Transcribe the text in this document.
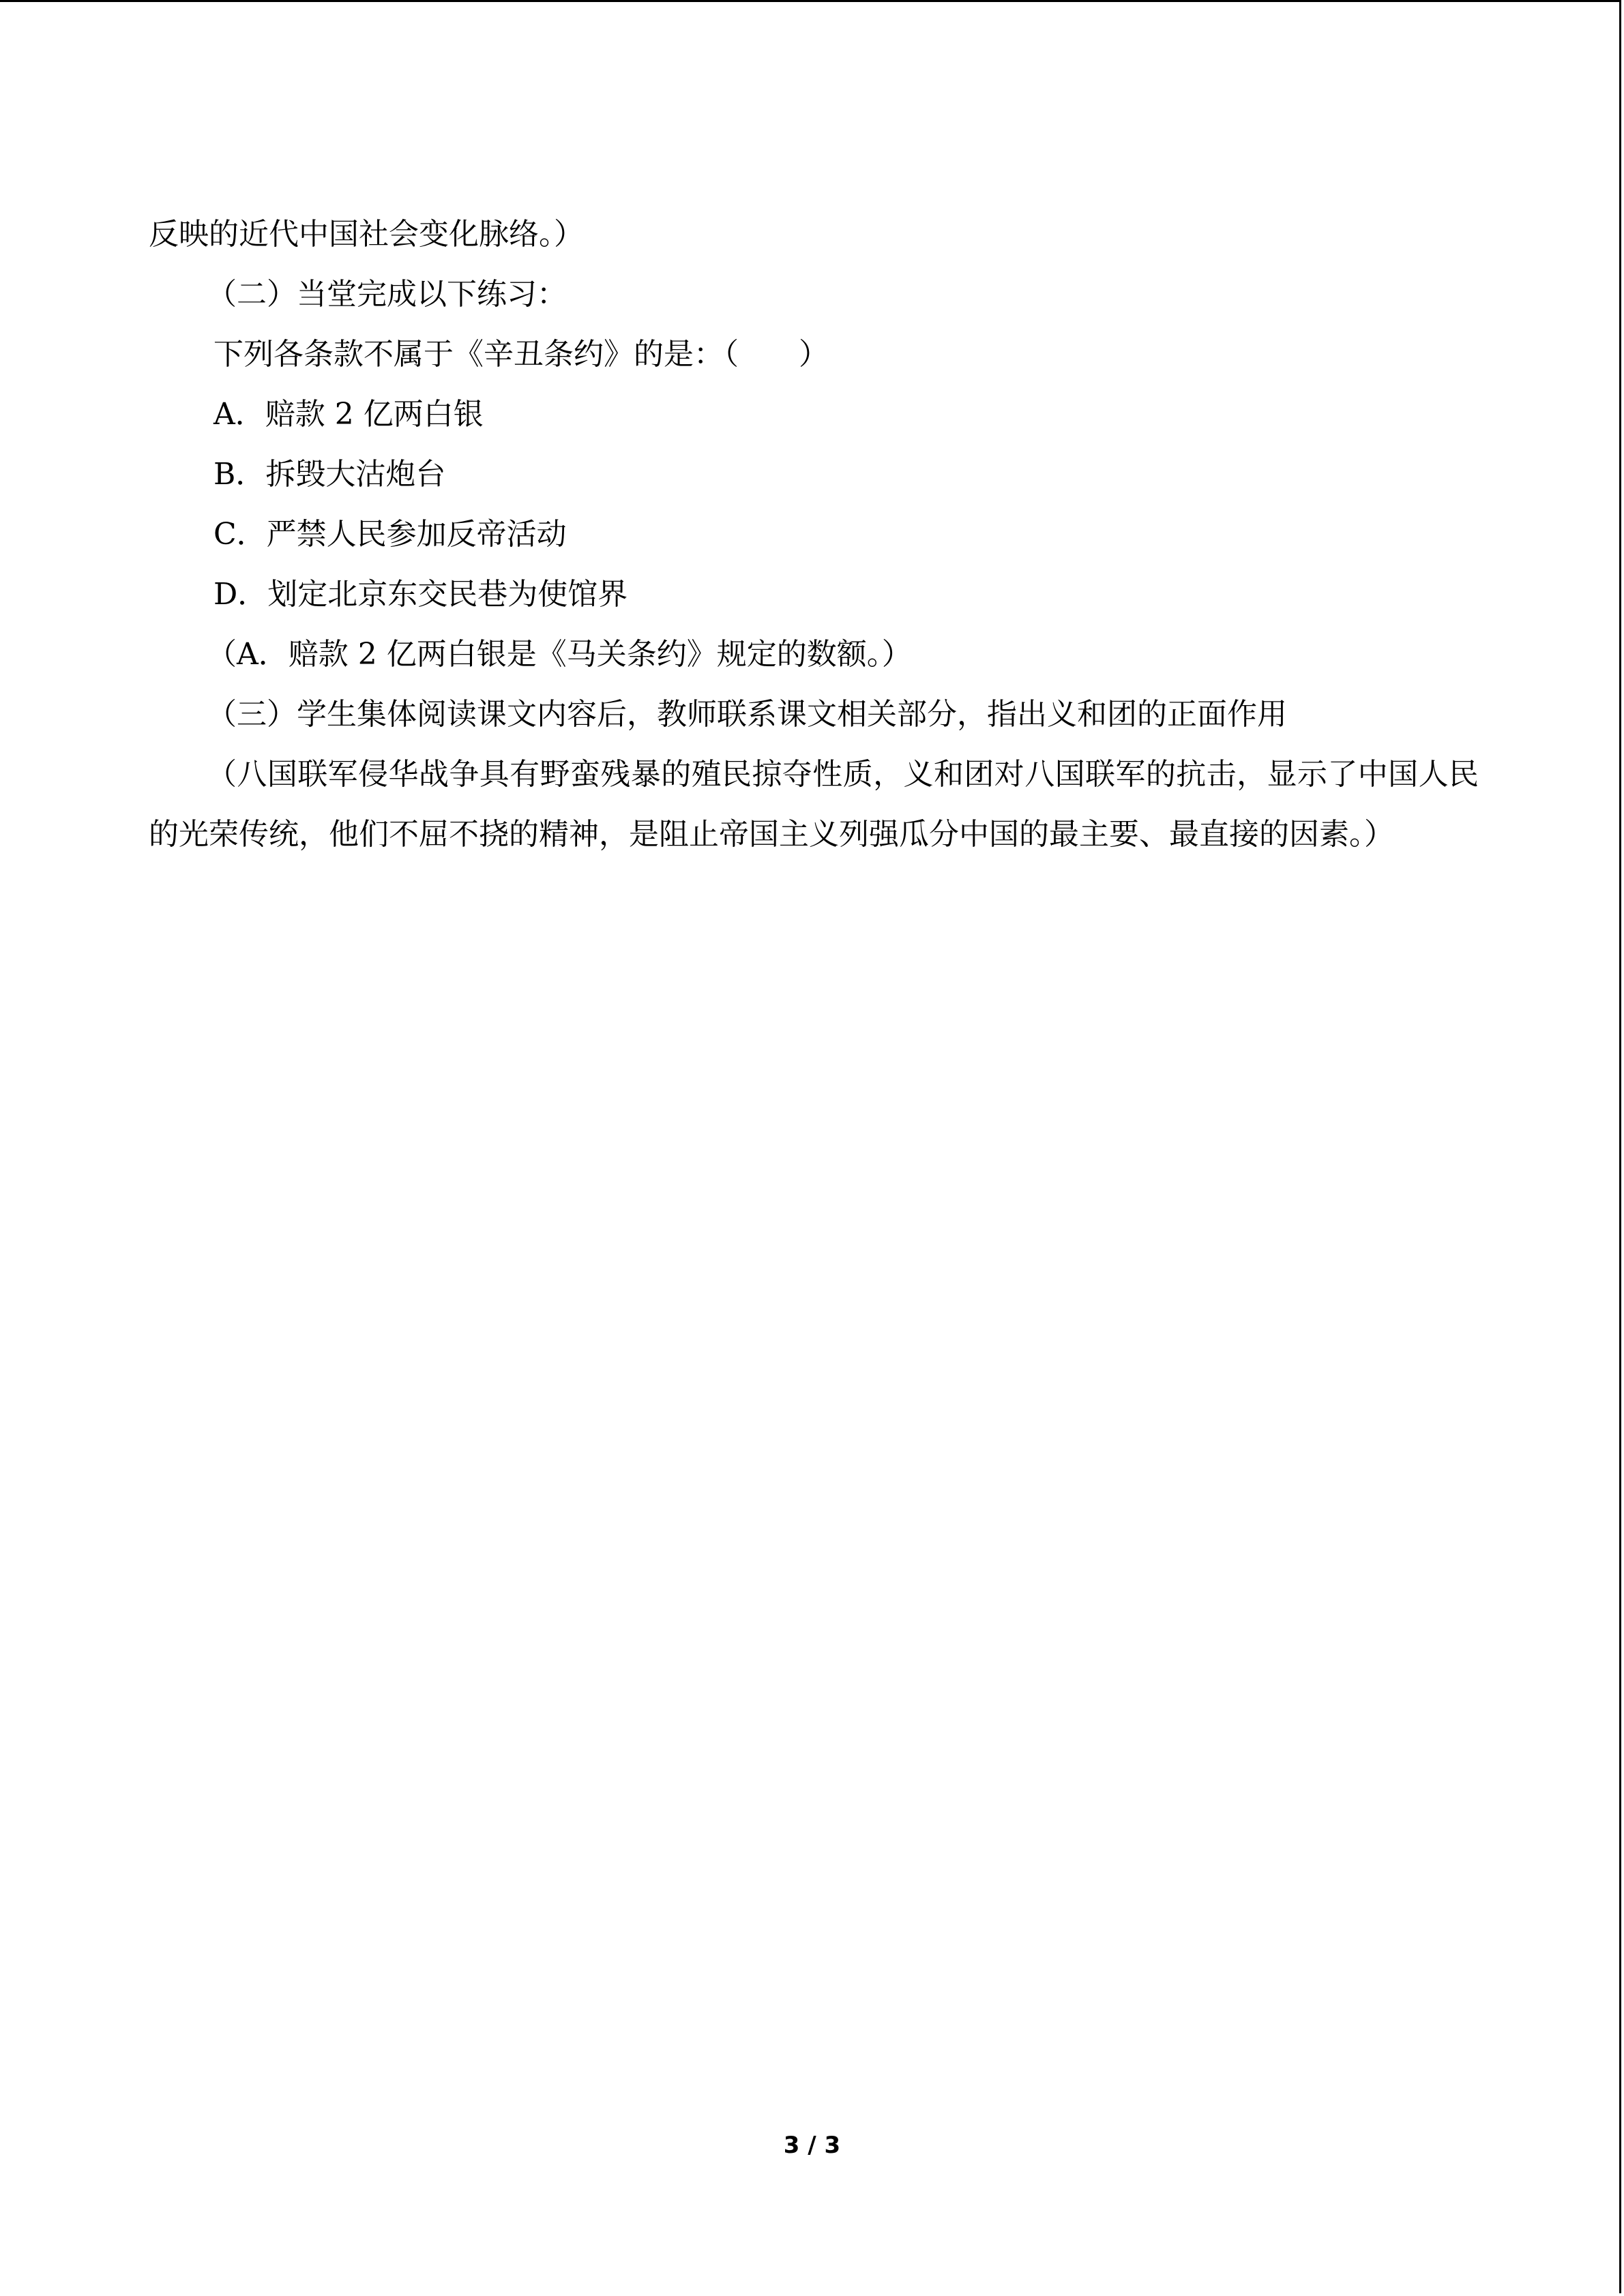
反映的近代中国社会变化脉络。）
（二）当堂完成以下练习：
下列各条款不属于《辛丑条约》的是：（　　）
A．赔款 2 亿两白银
B．拆毁大沽炮台
C．严禁人民参加反帝活动
D．划定北京东交民巷为使馆界
（A．赔款 2 亿两白银是《马关条约》规定的数额。）
（三）学生集体阅读课文内容后，教师联系课文相关部分，指出义和团的正面作用
（八国联军侵华战争具有野蛮残暴的殖民掠夺性质，义和团对八国联军的抗击，显示了中国人民的光荣传统，他们不屈不挠的精神，是阻止帝国主义列强瓜分中国的最主要、最直接的因素。）
3 / 3
